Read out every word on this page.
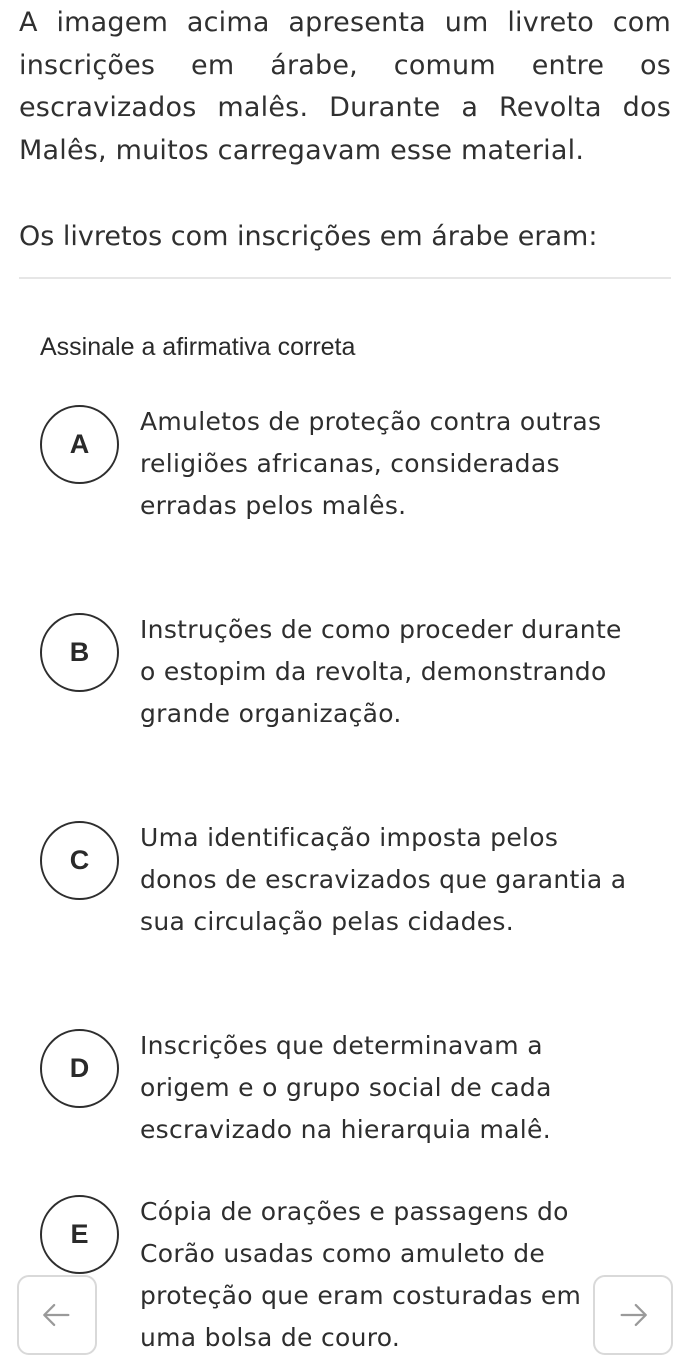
A imagem acima apresenta um livreto com inscrições em árabe, comum entre os escravizados malês. Durante a Revolta dos Malês, muitos carregavam esse material.

Os livretos com inscrições em árabe eram:

Assinale a afirmativa correta

A
Amuletos de proteção contra outras religiões africanas, consideradas erradas pelos malês.
B
Instruções de como proceder durante o estopim da revolta, demonstrando grande organização.
C
Uma identificação imposta pelos donos de escravizados que garantia a sua circulação pelas cidades.
D
Inscrições que determinavam a origem e o grupo social de cada escravizado na hierarquia malê.
E
Cópia de orações e passagens do Corão usadas como amuleto de proteção que eram costuradas em uma bolsa de couro.
